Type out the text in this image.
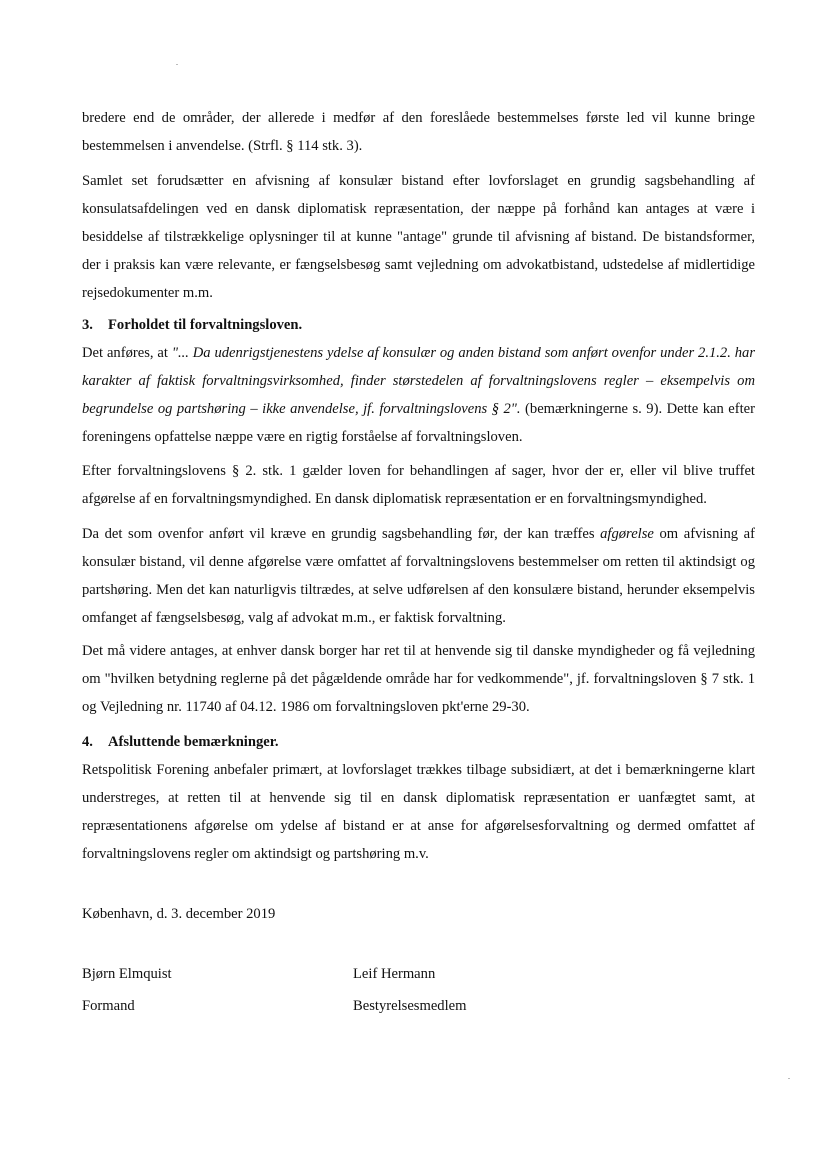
bredere end de områder, der allerede i medfør af den foreslåede bestemmelses første led vil kunne bringe bestemmelsen i anvendelse. (Strfl. § 114 stk. 3).

Samlet set forudsætter en afvisning af konsulær bistand efter lovforslaget en grundig sagsbehandling af konsulatsafdelingen ved en dansk diplomatisk repræsentation, der næppe på forhånd kan antages at være i besiddelse af tilstrækkelige oplysninger til at kunne "antage" grunde til afvisning af bistand. De bistandsformer, der i praksis kan være relevante, er fængselsbesøg samt vejledning om advokatbistand, udstedelse af midlertidige rejsedokumenter m.m.

3. Forholdet til forvaltningsloven.

Det anføres, at "... Da udenrigstjenestens ydelse af konsulær og anden bistand som anført ovenfor under 2.1.2. har karakter af faktisk forvaltningsvirksomhed, finder størstedelen af forvaltningslovens regler – eksempelvis om begrundelse og partshøring – ikke anvendelse, jf. forvaltningslovens § 2". (bemærkningerne s. 9). Dette kan efter foreningens opfattelse næppe være en rigtig forståelse af forvaltningsloven.

Efter forvaltningslovens § 2. stk. 1 gælder loven for behandlingen af sager, hvor der er, eller vil blive truffet afgørelse af en forvaltningsmyndighed. En dansk diplomatisk repræsentation er en forvaltningsmyndighed.

Da det som ovenfor anført vil kræve en grundig sagsbehandling før, der kan træffes afgørelse om afvisning af konsulær bistand, vil denne afgørelse være omfattet af forvaltningslovens bestemmelser om retten til aktindsigt og partshøring. Men det kan naturligvis tiltrædes, at selve udførelsen af den konsulære bistand, herunder eksempelvis omfanget af fængselsbesøg, valg af advokat m.m., er faktisk forvaltning.

Det må videre antages, at enhver dansk borger har ret til at henvende sig til danske myndigheder og få vejledning om "hvilken betydning reglerne på det pågældende område har for vedkommende", jf. forvaltningsloven § 7 stk. 1 og Vejledning nr. 11740 af 04.12. 1986 om forvaltningsloven pkt'erne 29-30.

4. Afsluttende bemærkninger.

Retspolitisk Forening anbefaler primært, at lovforslaget trækkes tilbage subsidiært, at det i bemærkningerne klart understreges, at retten til at henvende sig til en dansk diplomatisk repræsentation er uanfægtet samt, at repræsentationens afgørelse om ydelse af bistand er at anse for afgørelsesforvaltning og dermed omfattet af forvaltningslovens regler om aktindsigt og partshøring m.v.

København, d. 3. december 2019

Bjørn Elmquist

Formand

Leif Hermann

Bestyrelsesmedlem
